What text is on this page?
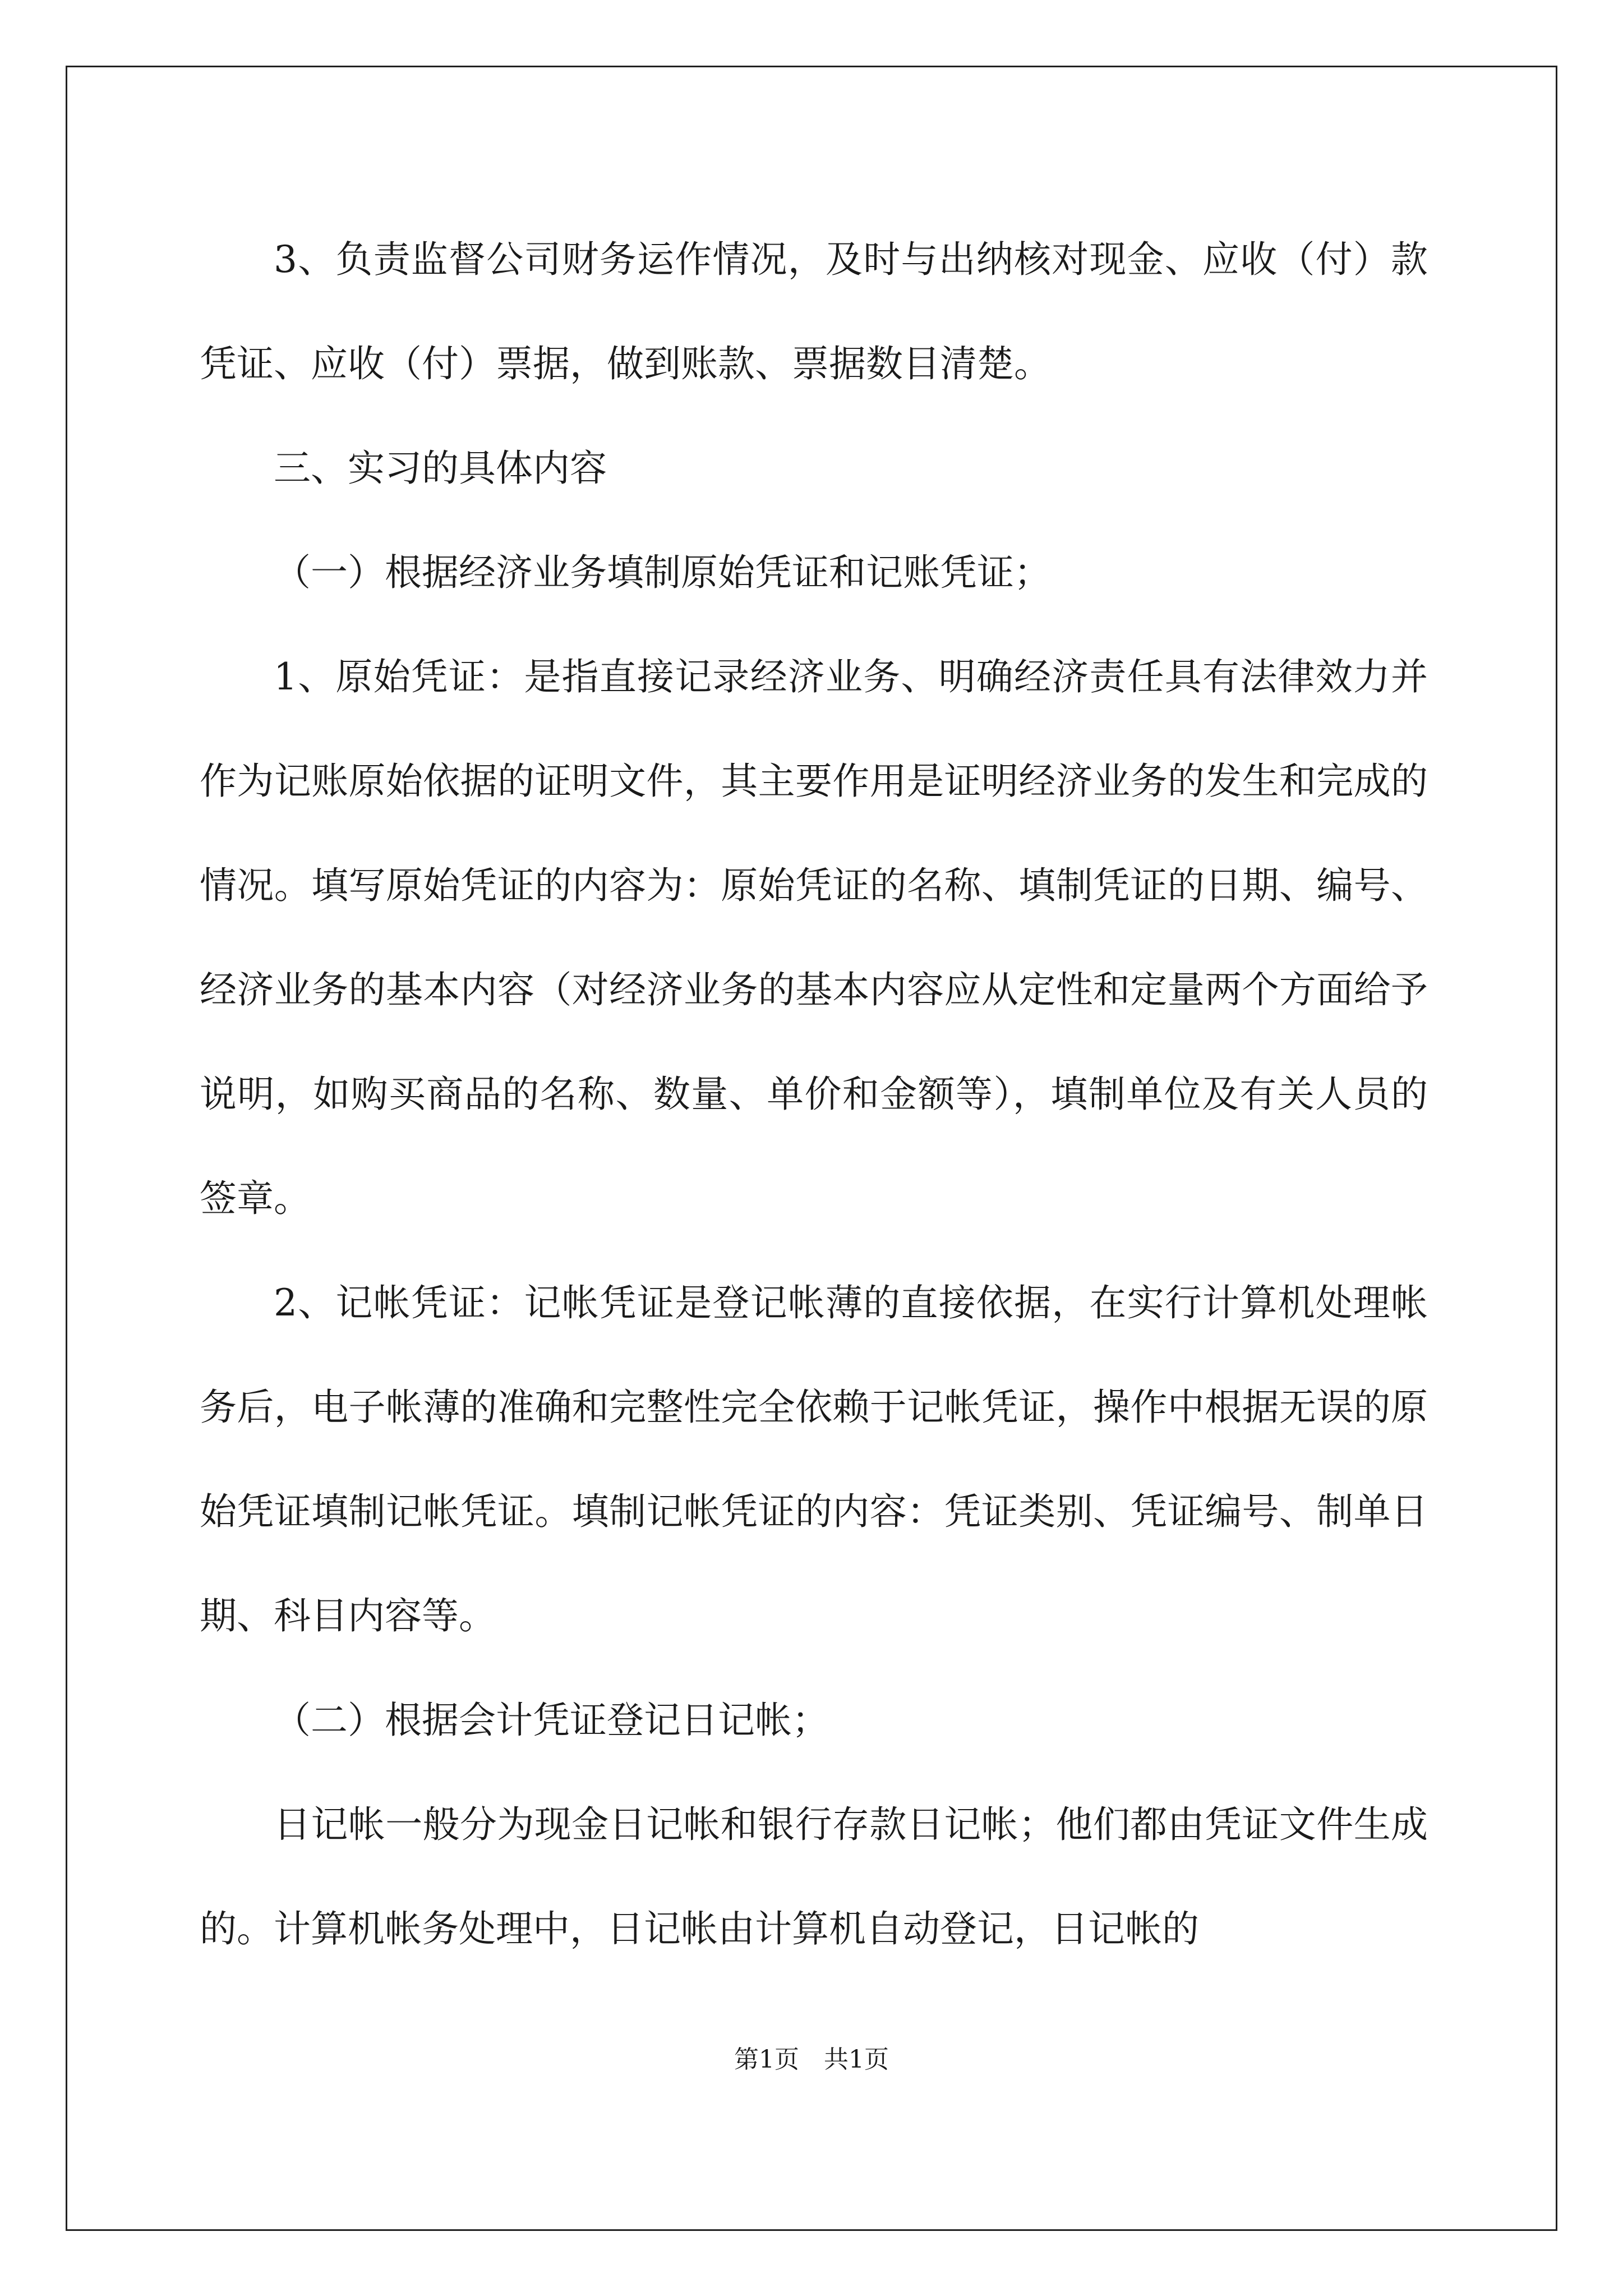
3、负责监督公司财务运作情况，及时与出纳核对现金、应收（付）款凭证、应收（付）票据，做到账款、票据数目清楚。

三、实习的具体内容

（一）根据经济业务填制原始凭证和记账凭证；

1、原始凭证：是指直接记录经济业务、明确经济责任具有法律效力并作为记账原始依据的证明文件，其主要作用是证明经济业务的发生和完成的情况。填写原始凭证的内容为：原始凭证的名称、填制凭证的日期、编号、经济业务的基本内容（对经济业务的基本内容应从定性和定量两个方面给予说明，如购买商品的名称、数量、单价和金额等），填制单位及有关人员的签章。

2、记帐凭证：记帐凭证是登记帐薄的直接依据，在实行计算机处理帐务后，电子帐薄的准确和完整性完全依赖于记帐凭证，操作中根据无误的原始凭证填制记帐凭证。填制记帐凭证的内容：凭证类别、凭证编号、制单日期、科目内容等。

（二）根据会计凭证登记日记帐；

日记帐一般分为现金日记帐和银行存款日记帐；他们都由凭证文件生成的。计算机帐务处理中，日记帐由计算机自动登记，日记帐的

第1页　共1页
